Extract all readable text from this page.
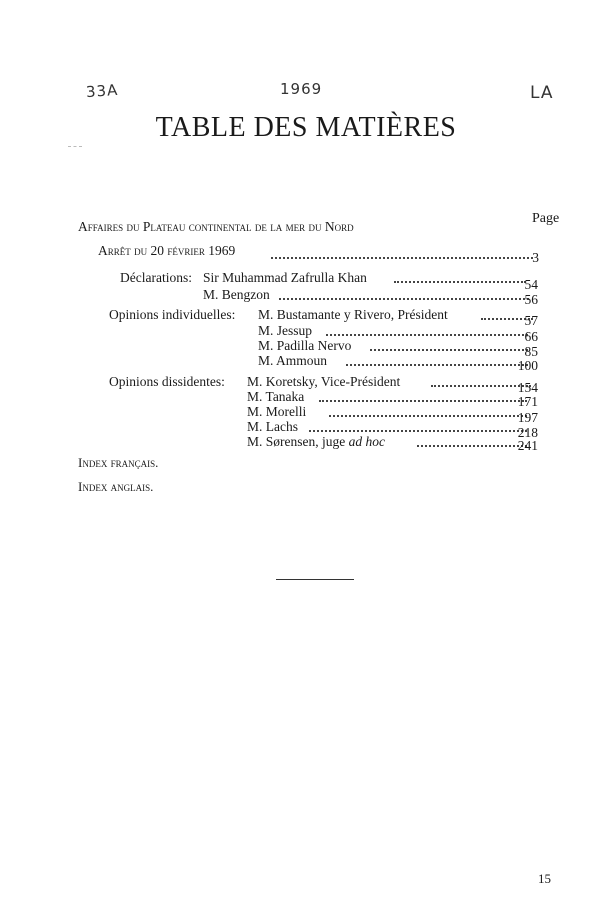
33A	1969	LA
TABLE DES MATIÈRES
Page
Affaires du Plateau continental de la mer du Nord
Arrêt du 20 février 1969	3
Déclarations: Sir Muhammad Zafrulla Khan	54
M. Bengzon	56
Opinions individuelles: M. Bustamante y Rivero, Président	57
M. Jessup	66
M. Padilla Nervo	85
M. Ammoun	100
Opinions dissidentes: M. Koretsky, Vice-Président	154
M. Tanaka	171
M. Morelli	197
M. Lachs	218
M. Sørensen, juge ad hoc	241
Index français.
Index anglais.
15
